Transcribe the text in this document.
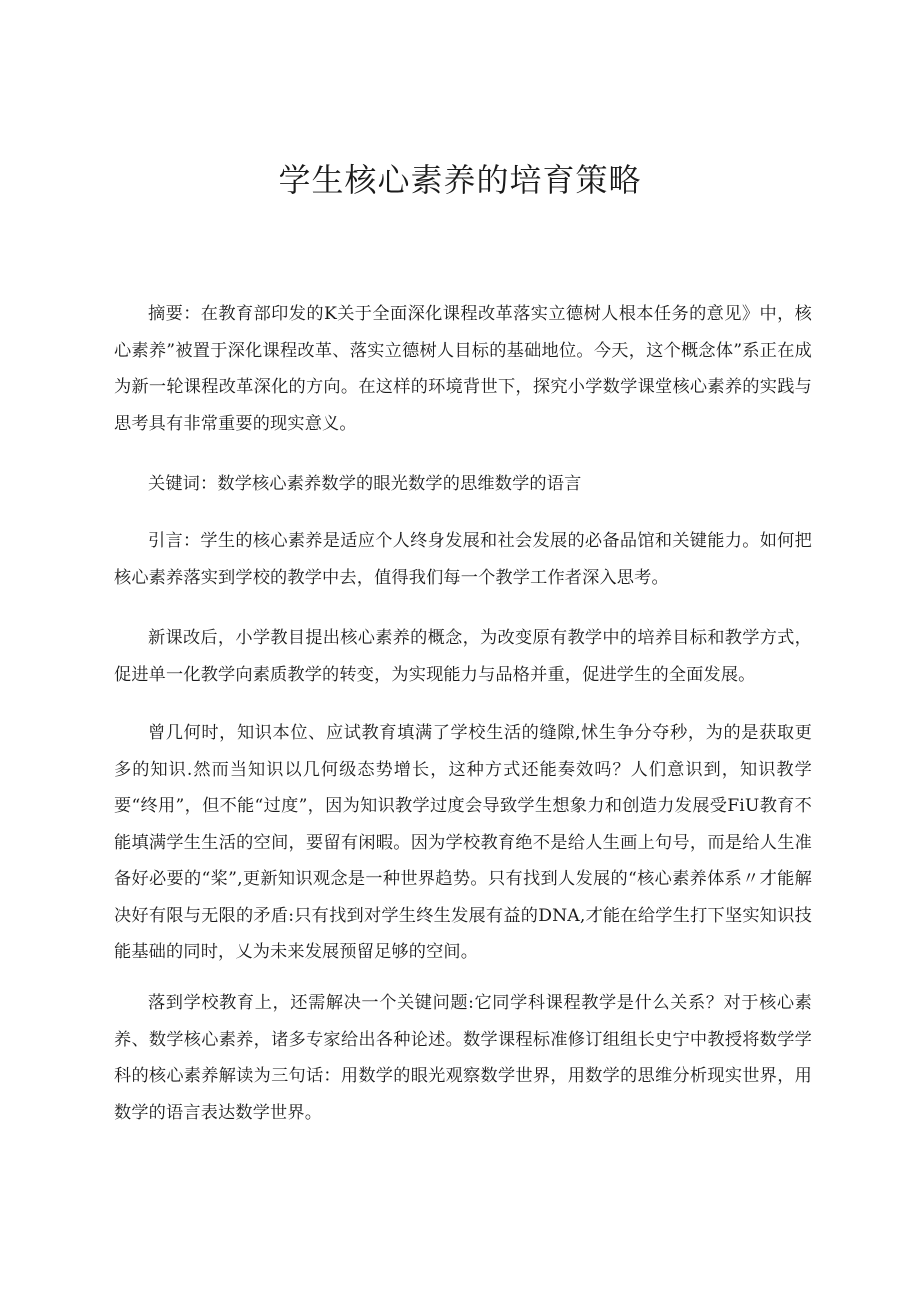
学生核心素养的培育策略

摘要：在教育部印发的K关于全面深化课程改革落实立德树人根本任务的意见》中，核心素养”被置于深化课程改革、落实立德树人目标的基础地位。今天，这个概念体”系正在成为新一轮课程改革深化的方向。在这样的环境背世下，探究小学数学课堂核心素养的实践与思考具有非常重要的现实意义。

关键词：数学核心素养数学的眼光数学的思维数学的语言

引言：学生的核心素养是适应个人终身发展和社会发展的必备品馆和关键能力。如何把核心素养落实到学校的教学中去，值得我们每一个教学工作者深入思考。

新课改后，小学教目提出核心素养的概念，为改变原有教学中的培养目标和教学方式，促进单一化教学向素质教学的转变，为实现能力与品格并重，促进学生的全面发展。

曾几何时，知识本位、应试教育填满了学校生活的缝隙,怵生争分夺秒，为的是获取更多的知识.然而当知识以几何级态势增长，这种方式还能奏效吗？人们意识到，知识教学要“终用”，但不能“过度”，因为知识教学过度会导致学生想象力和创造力发展受FiU教育不能填满学生生活的空间，要留有闲暇。因为学校教育绝不是给人生画上句号，而是给人生准备好必要的“桨”,更新知识观念是一种世界趋势。只有找到人发展的“核心素养体系〃才能解决好有限与无限的矛盾:只有找到对学生终生发展有益的DNA,才能在给学生打下坚实知识技能基础的同时，乂为未来发展预留足够的空间。

落到学校教育上，还需解决一个关键问题:它同学科课程教学是什么关系？对于核心素养、数学核心素养，诸多专家给出各种论述。数学课程标准修订组组长史宁中教授将数学学科的核心素养解读为三句话：用数学的眼光观察数学世界，用数学的思维分析现实世界，用数学的语言表达数学世界。
